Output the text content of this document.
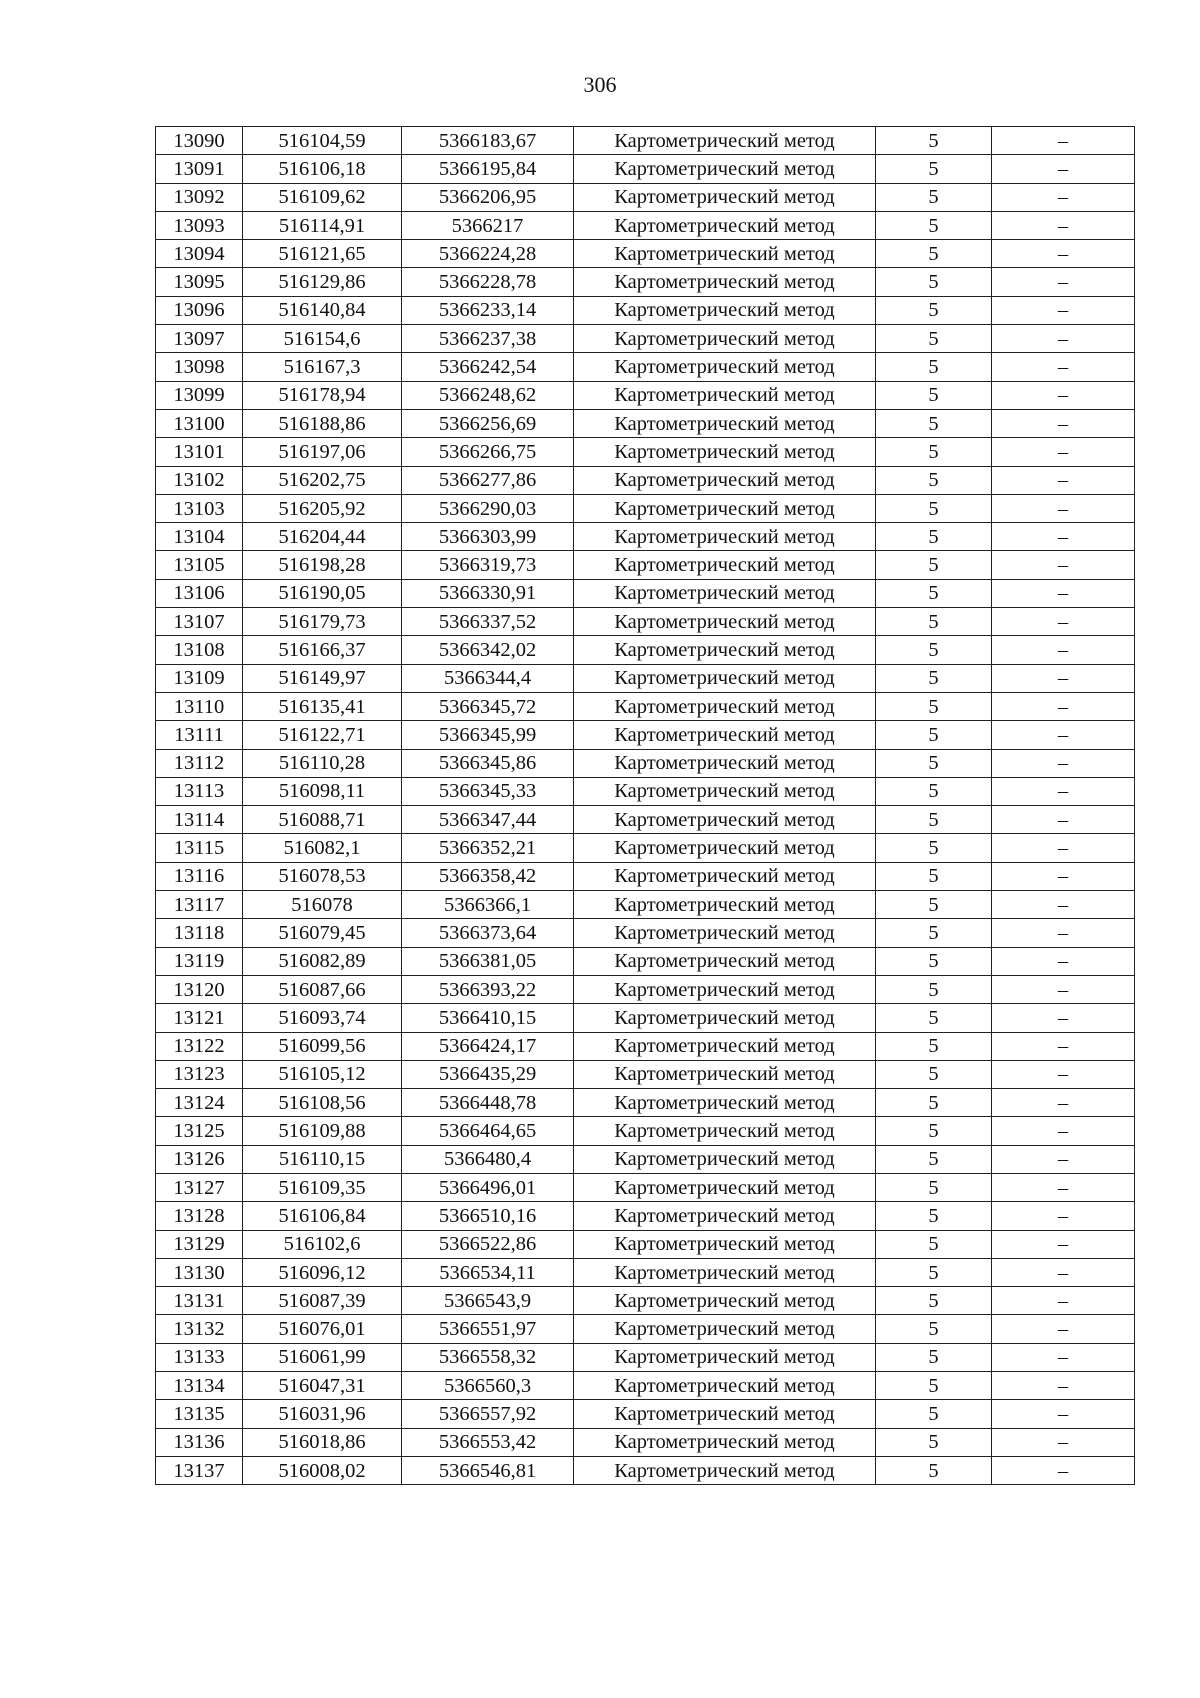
306
13090	516104,59	5366183,67	Картометрический метод	5	–
13091	516106,18	5366195,84	Картометрический метод	5	–
13092	516109,62	5366206,95	Картометрический метод	5	–
13093	516114,91	5366217	Картометрический метод	5	–
13094	516121,65	5366224,28	Картометрический метод	5	–
13095	516129,86	5366228,78	Картометрический метод	5	–
13096	516140,84	5366233,14	Картометрический метод	5	–
13097	516154,6	5366237,38	Картометрический метод	5	–
13098	516167,3	5366242,54	Картометрический метод	5	–
13099	516178,94	5366248,62	Картометрический метод	5	–
13100	516188,86	5366256,69	Картометрический метод	5	–
13101	516197,06	5366266,75	Картометрический метод	5	–
13102	516202,75	5366277,86	Картометрический метод	5	–
13103	516205,92	5366290,03	Картометрический метод	5	–
13104	516204,44	5366303,99	Картометрический метод	5	–
13105	516198,28	5366319,73	Картометрический метод	5	–
13106	516190,05	5366330,91	Картометрический метод	5	–
13107	516179,73	5366337,52	Картометрический метод	5	–
13108	516166,37	5366342,02	Картометрический метод	5	–
13109	516149,97	5366344,4	Картометрический метод	5	–
13110	516135,41	5366345,72	Картометрический метод	5	–
13111	516122,71	5366345,99	Картометрический метод	5	–
13112	516110,28	5366345,86	Картометрический метод	5	–
13113	516098,11	5366345,33	Картометрический метод	5	–
13114	516088,71	5366347,44	Картометрический метод	5	–
13115	516082,1	5366352,21	Картометрический метод	5	–
13116	516078,53	5366358,42	Картометрический метод	5	–
13117	516078	5366366,1	Картометрический метод	5	–
13118	516079,45	5366373,64	Картометрический метод	5	–
13119	516082,89	5366381,05	Картометрический метод	5	–
13120	516087,66	5366393,22	Картометрический метод	5	–
13121	516093,74	5366410,15	Картометрический метод	5	–
13122	516099,56	5366424,17	Картометрический метод	5	–
13123	516105,12	5366435,29	Картометрический метод	5	–
13124	516108,56	5366448,78	Картометрический метод	5	–
13125	516109,88	5366464,65	Картометрический метод	5	–
13126	516110,15	5366480,4	Картометрический метод	5	–
13127	516109,35	5366496,01	Картометрический метод	5	–
13128	516106,84	5366510,16	Картометрический метод	5	–
13129	516102,6	5366522,86	Картометрический метод	5	–
13130	516096,12	5366534,11	Картометрический метод	5	–
13131	516087,39	5366543,9	Картометрический метод	5	–
13132	516076,01	5366551,97	Картометрический метод	5	–
13133	516061,99	5366558,32	Картометрический метод	5	–
13134	516047,31	5366560,3	Картометрический метод	5	–
13135	516031,96	5366557,92	Картометрический метод	5	–
13136	516018,86	5366553,42	Картометрический метод	5	–
13137	516008,02	5366546,81	Картометрический метод	5	–
